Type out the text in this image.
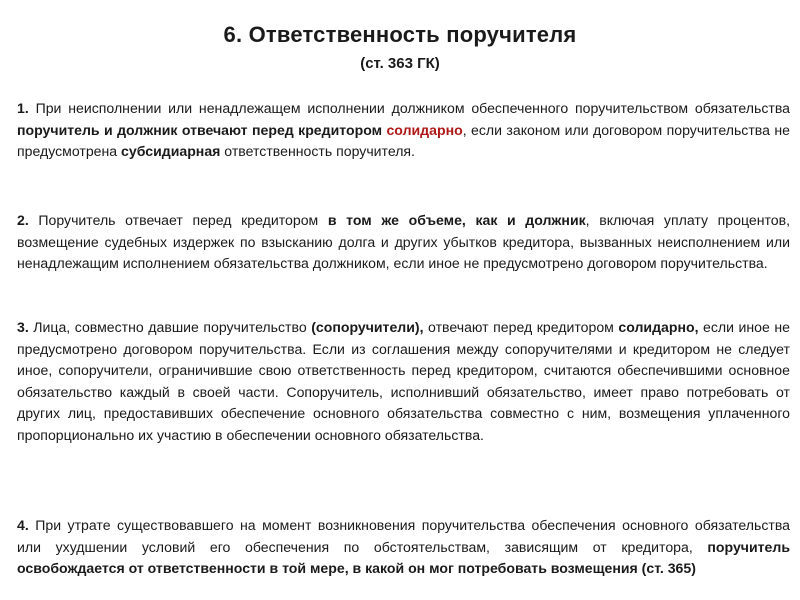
6. Ответственность поручителя
(ст. 363 ГК)
1. При неисполнении или ненадлежащем исполнении должником обеспеченного поручительством обязательства поручитель и должник отвечают перед кредитором солидарно, если законом или договором поручительства не предусмотрена субсидиарная ответственность поручителя.
2. Поручитель отвечает перед кредитором в том же объеме, как и должник, включая уплату процентов, возмещение судебных издержек по взысканию долга и других убытков кредитора, вызванных неисполнением или ненадлежащим исполнением обязательства должником, если иное не предусмотрено договором поручительства.
3. Лица, совместно давшие поручительство (сопоручители), отвечают перед кредитором солидарно, если иное не предусмотрено договором поручительства. Если из соглашения между сопоручителями и кредитором не следует иное, сопоручители, ограничившие свою ответственность перед кредитором, считаются обеспечившими основное обязательство каждый в своей части. Сопоручитель, исполнивший обязательство, имеет право потребовать от других лиц, предоставивших обеспечение основного обязательства совместно с ним, возмещения уплаченного пропорционально их участию в обеспечении основного обязательства.
4. При утрате существовавшего на момент возникновения поручительства обеспечения основного обязательства или ухудшении условий его обеспечения по обстоятельствам, зависящим от кредитора, поручитель освобождается от ответственности в той мере, в какой он мог потребовать возмещения (ст. 365)
